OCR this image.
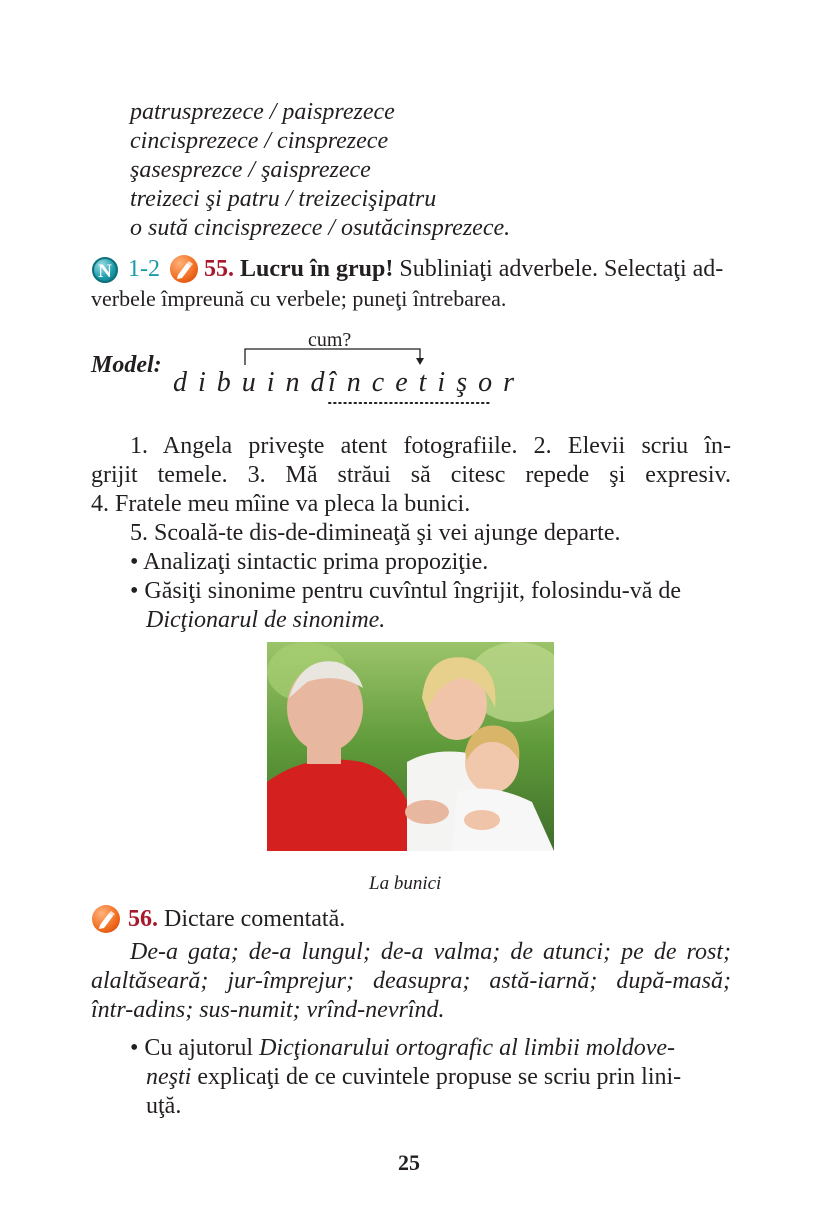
patrusprezece / paisprezece
cincisprezece / cinsprezece
şasesprezce / şaisprezece
treizeci şi patru / treizecişipatru
o sută cincisprezece / osutăcinsprezece.
N 1-2 55. Lucru în grup! Subliniaţi adverbele. Selectaţi ad-
verbele împreună cu verbele; puneţi întrebarea.
Model:
cum?
dibuind
încetişor
1. Angela priveşte atent fotografiile. 2. Elevii scriu în-
grijit temele. 3. Mă străui să citesc repede şi expresiv.
4. Fratele meu mîine va pleca la bunici.
5. Scoală-te dis-de-dimineaţă şi vei ajunge departe.
• Analizaţi sintactic prima propoziţie.
• Găsiţi sinonime pentru cuvîntul îngrijit, folosindu-vă de
Dicţionarul de sinonime.
La bunici
56. Dictare comentată.
De-a gata; de-a lungul; de-a valma; de atunci; pe de rost;
alaltăseară; jur-împrejur; deasupra; astă-iarnă; după-masă;
într-adins; sus-numit; vrînd-nevrînd.
• Cu ajutorul Dicţionarului ortografic al limbii moldove-
neşti explicaţi de ce cuvintele propuse se scriu prin lini-
uţă.
25
